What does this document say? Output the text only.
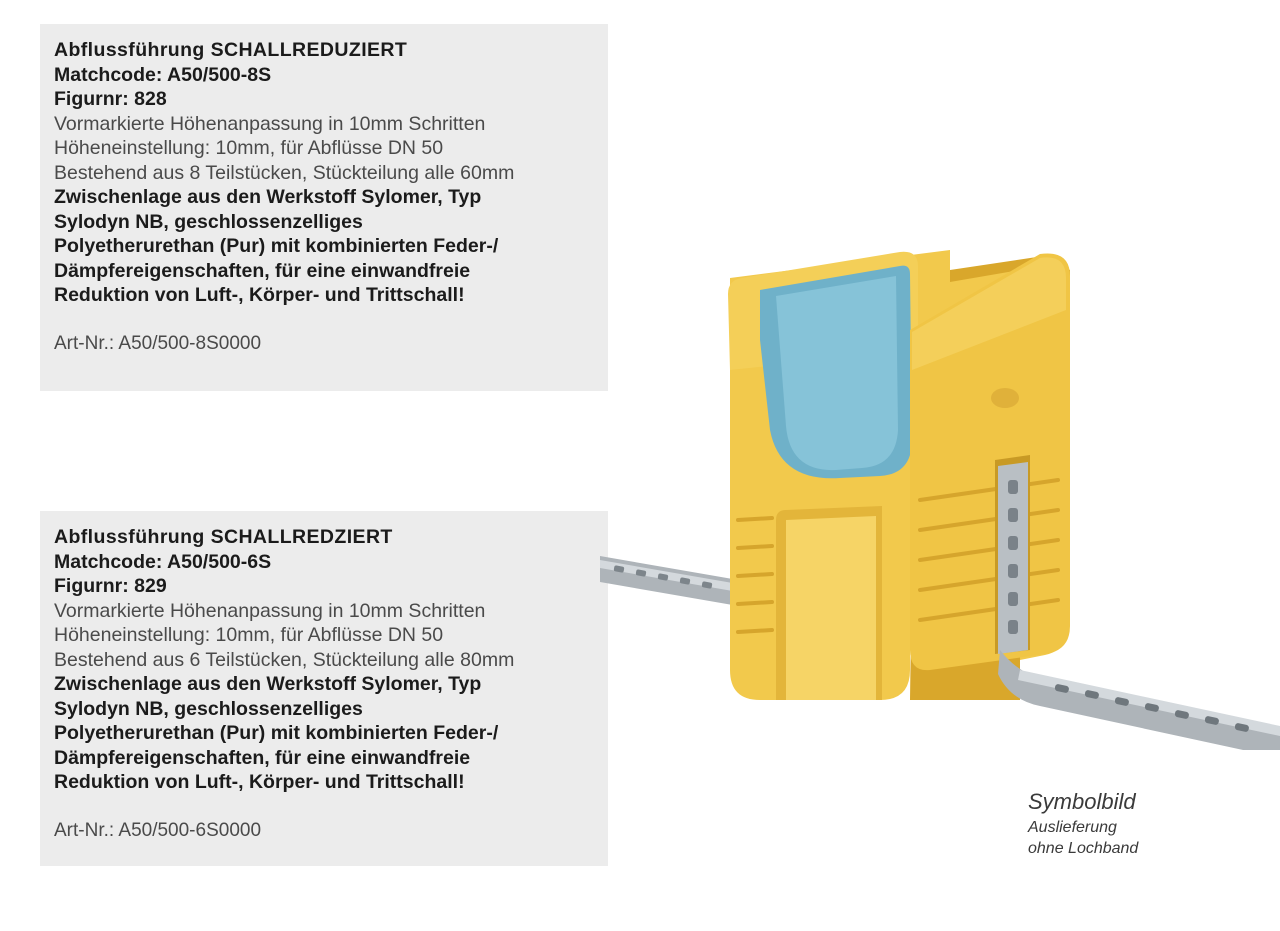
Abflussführung SCHALLREDUZIERT
Matchcode: A50/500-8S
Figurnr: 828
Vormarkierte Höhenanpassung in 10mm Schritten
Höheneinstellung: 10mm, für Abflüsse DN 50
Bestehend aus 8 Teilstücken, Stückteilung alle 60mm
Zwischenlage aus den Werkstoff Sylomer, Typ
Sylodyn NB, geschlossenzelliges
Polyetherurethan (Pur) mit kombinierten Feder-/
Dämpfereigenschaften, für eine einwandfreie
Reduktion von Luft-, Körper- und Trittschall!
Art-Nr.: A50/500-8S0000
Abflussführung SCHALLREDZIERT
Matchcode: A50/500-6S
Figurnr: 829
Vormarkierte Höhenanpassung in 10mm Schritten
Höheneinstellung: 10mm, für Abflüsse DN 50
Bestehend aus 6 Teilstücken, Stückteilung alle 80mm
Zwischenlage aus den Werkstoff Sylomer, Typ
Sylodyn NB, geschlossenzelliges
Polyetherurethan (Pur) mit kombinierten Feder-/
Dämpfereigenschaften, für eine einwandfreie
Reduktion von Luft-, Körper- und Trittschall!
Art-Nr.: A50/500-6S0000
Symbolbild
Auslieferung
ohne Lochband
